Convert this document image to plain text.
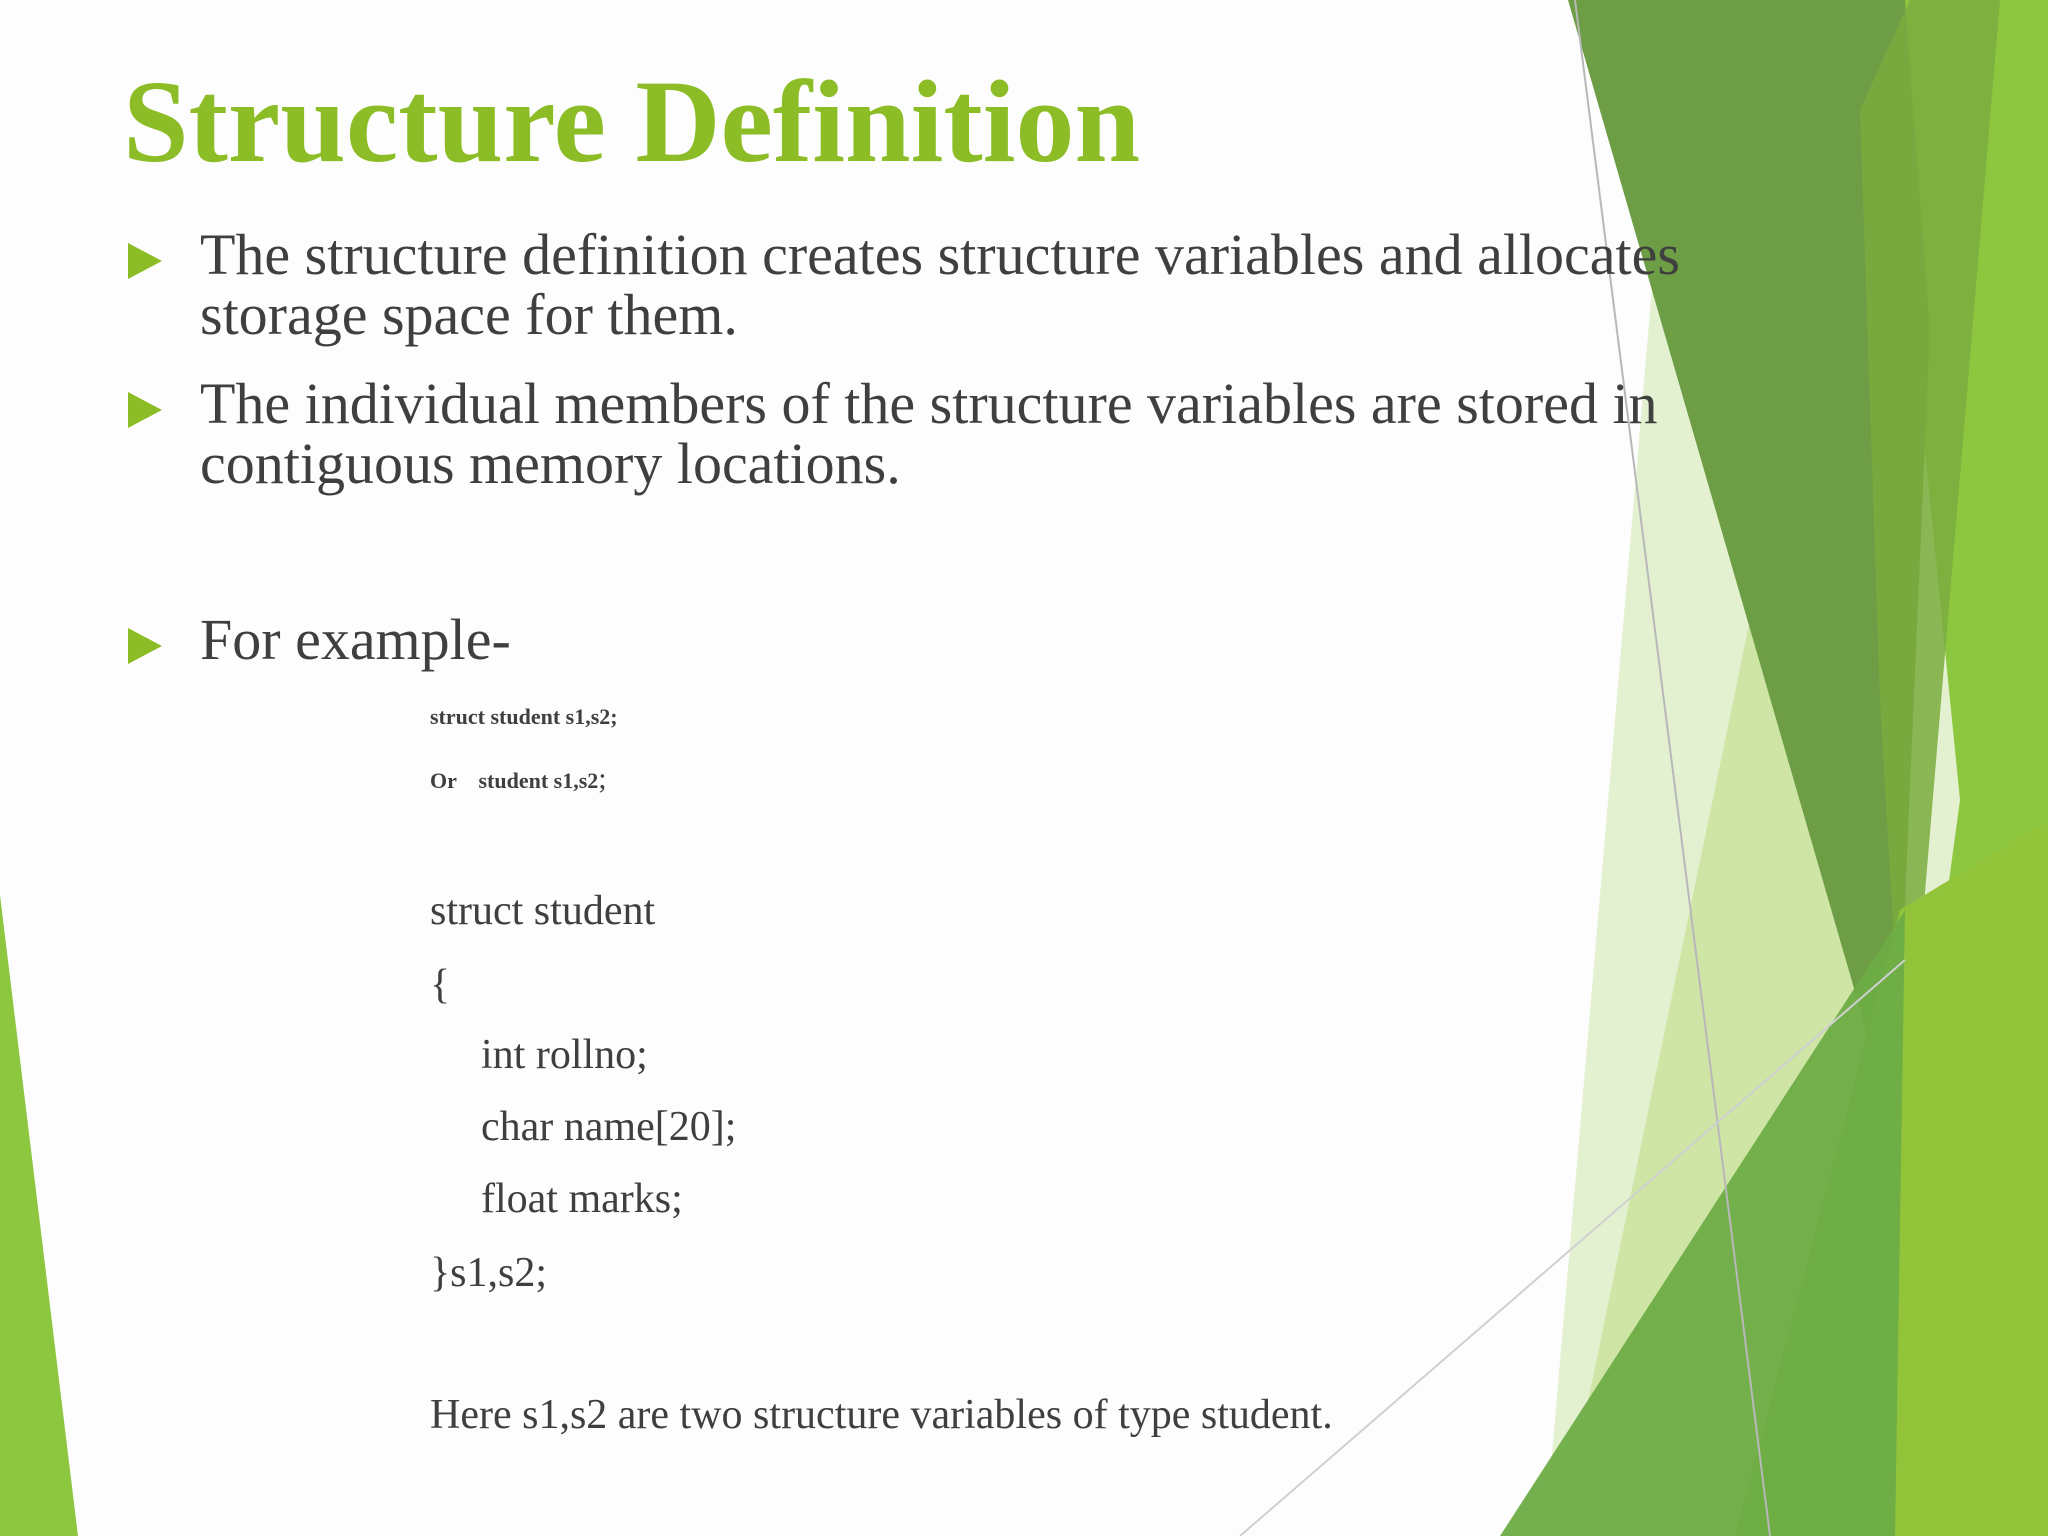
Structure Definition
The structure definition creates structure variables and allocates
storage space for them.
The individual members of the structure variables are stored in
contiguous memory locations.
For example-
struct student s1,s2;
Or    student s1,s2;
struct student
{
int rollno;
char name[20];
float marks;
}s1,s2;
Here s1,s2 are two structure variables of type student.
